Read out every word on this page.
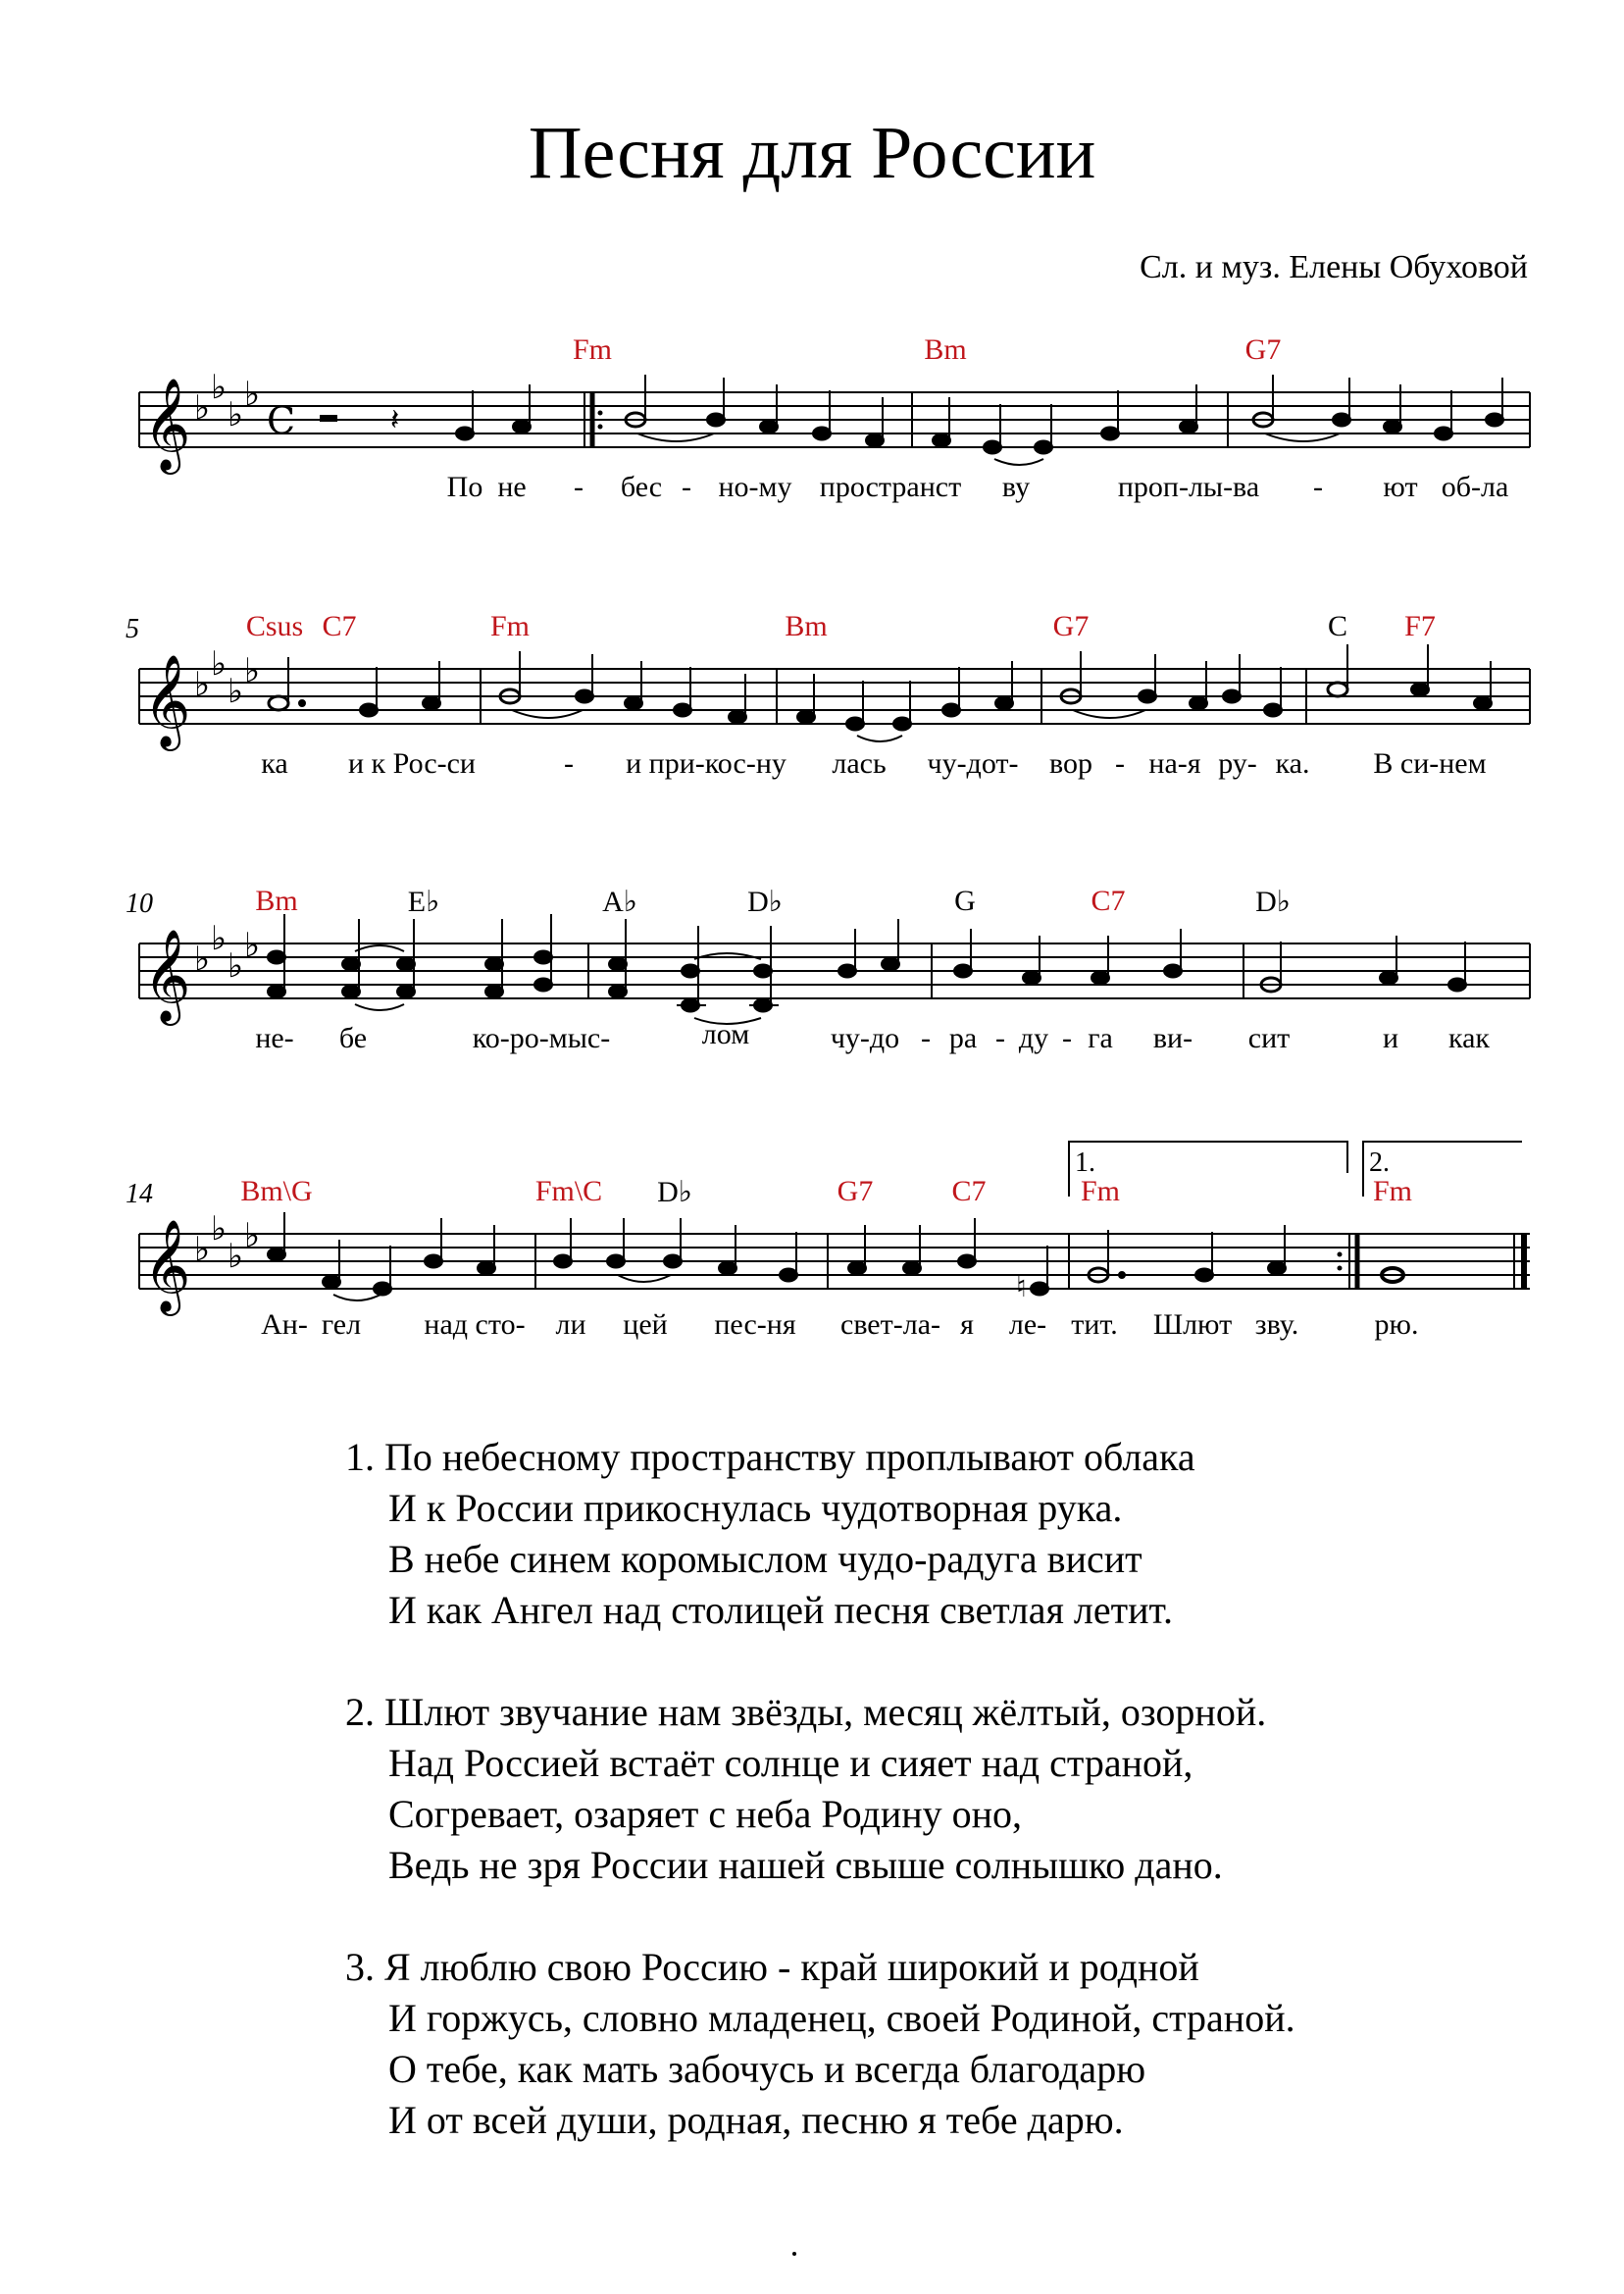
Песня для России
Сл. и муз. Елены Обуховой
𝄞 ♭
♭
♭
♭
C	𝄽
Fm	Bm	G7
По не - бес - но-му пространст ву	проп-лы-ва - ют об-ла
5
𝄞 ♭
♭
♭
♭
Csus C7	Fm	Bm	G7	C F7
ка и к Рос-си	- и при-кос-ну лась чу-дот- вор - на-я ру- ка. В си-нем
10
𝄞 ♭
♭
♭
♭
Bm	E♭	A♭	D♭	G	C7	D♭
не- бе	ко-ро-мыс-	лом	чу-до - ра - ду - га ви- сит	и как
14
𝄞 ♭
♭
♭
♭
♮
1.	2.
Bm\G	Fm\C D♭	G7	C7	Fm	Fm
Ан- гел над сто- ли цей пес-ня свет-ла- я ле- тит. Шлют зву.	рю.
1. По небесному пространству проплывают облака
И к России прикоснулась чудотворная рука.
В небе синем коромыслом чудо-радуга висит
И как Ангел над столицей песня светлая летит.
2. Шлют звучание нам звёзды, месяц жёлтый, озорной.
Над Россией встаёт солнце и сияет над страной,
Согревает, озаряет с неба Родину оно,
Ведь не зря России нашей свыше солнышко дано.
3. Я люблю свою Россию - край широкий и родной
И горжусь, словно младенец, своей Родиной, страной.
О тебе, как мать забочусь и всегда благодарю
И от всей души, родная, песню я тебе дарю.
